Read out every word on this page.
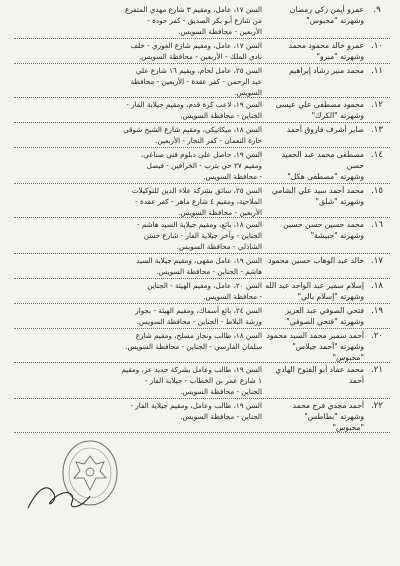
٩.
عمرو أيمن زكي رمضان
وشهرته "محبوس"
السن ١٧، عامل، ومقيم ٣ شارع مهدي المتفرع
من شارع أبو بكر الصديق - كفر حودة -
الأربعين - محافظة السويس.
١٠.
عمرو خالد محمود محمد
وشهرته "ميرو"
السن ١٧، عامل، ومقيم شارع الغوري - خلف
نادي الملك - الأربعين - محافظة السويس.
١١.
محمد منير رشاد إبراهيم
السن ٢٥، عامل لحام، ويقيم ١٦ شارع علي
عبد الرحمن - كفر عقدة - الأربعين - محافظة
السويس.
١٢.
محمود مصطفى علي عيسى
وشهرته "الكرك"
السن ١٩، لاعب كرة قدم، ومقيم جيلاية الفار -
الجناين - محافظة السويس.
١٣.
صابر أشرف فاروق أحمد
السن ١٨، ميكانيكي، ومقيم شارع الشيخ شوقي
حارة النعمان - كفر النجار - الأربعين.
١٤.
مصطفى محمد عبد الحميد حسن
وشهرته "مصطفى هكل"
السن ١٩، حاصل على دبلوم فني صناعي،
ومقيم ٢٧ حي بترب - الخرافين - فيصل
- محافظة السويس.
١٥.
محمد أحمد سيد علي الشامي
وشهرته "شلق"
السن ٢٥، سائق بشركة علاء الدين للتوكيلات
الملاحية، ومقيم ٤ شارع ماهر - كفر عقدة -
الأربعين - محافظة السويس.
١٦.
محمد حسين حسن حسين
وشهرته "حبيشة"
السن ١٨، بائع، ومقيم جيلاية السيد هاشم -
الجناين - وأخر جيلاية الفار - شارع حسن
الشاذلي - محافظة السويس.
١٧.
خالد عبد الوهاب حسين محمود
السن ١٩، عامل مقهى، ومقيم جيلاية السيد
هاشم - الجناين - محافظة السويس.
١٨.
إسلام سمير عبد الواحد عبد الله
وشهرته "إسلام بالي"
السن ٢٠، عامل، ومقيم الهيئة - الجناين
- محافظة السويس.
١٩.
فتحي الصوفي عبد العزيز
وشهرته "فتحي الصوفي"
السن ٢٤، بائع أسماك، ومقيم الهيئة - بجوار
ورشة البلاط - الجناين - محافظة السويس.
٢٠.
أحمد سمير محمد السيد محمود
وشهرته "أحمد جيلاس"
"محبوس"
السن ١٨، طالب ونجار مسلح، ومقيم شارع
سلمان الفارسي - الجناين - محافظة السويس.
٢١.
محمد عماد أبو الفتوح الهادي أحمد
السن ١٩، طالب وعامل بشركة حديد عز، ومقيم
١ شارع عمر بن الخطاب - جيلاية الفار -
الجناين - محافظة السويس.
٢٢.
أحمد مجدي فرج محمد
وشهرته "بطاطس"
"محبوس"
السن ١٩، طالب وعامل، ومقيم جيلاية الفار -
الجناين - محافظة السويس.
